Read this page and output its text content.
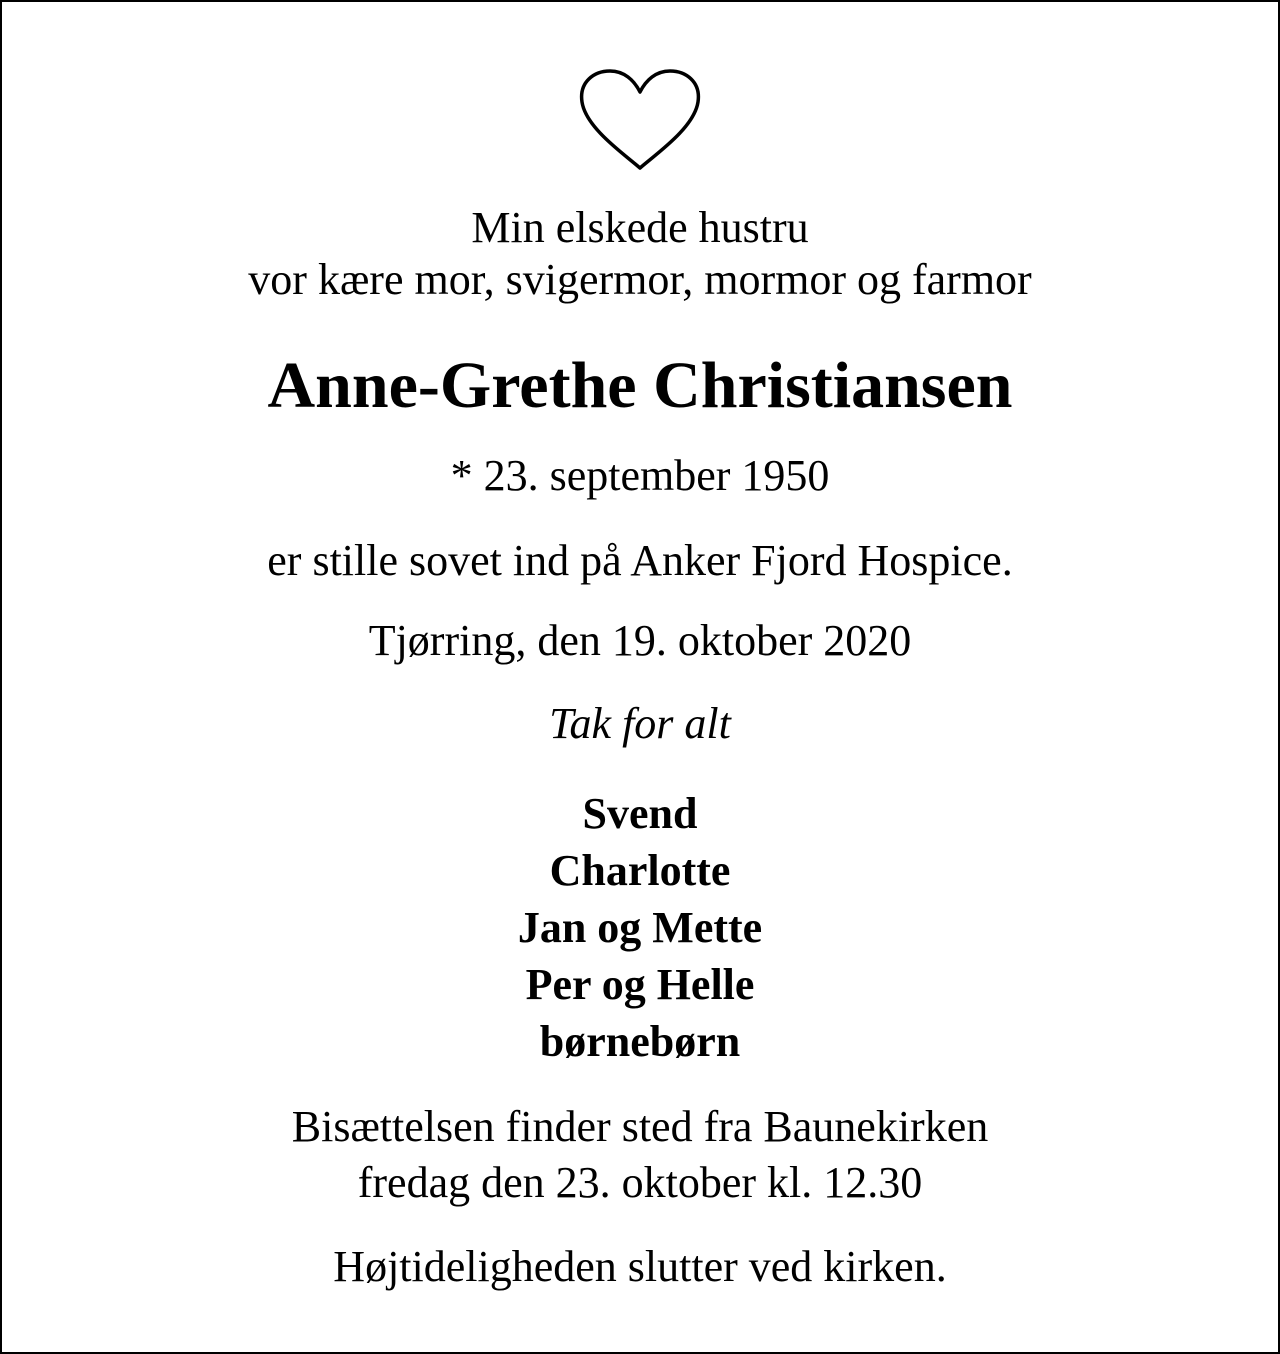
Min elskede hustru
vor kære mor, svigermor, mormor og farmor
Anne-Grethe Christiansen
* 23. september 1950
er stille sovet ind på Anker Fjord Hospice.
Tjørring, den 19. oktober 2020
Tak for alt
Svend
Charlotte
Jan og Mette
Per og Helle
børnebørn
Bisættelsen finder sted fra Baunekirken
fredag den 23. oktober kl. 12.30
Højtideligheden slutter ved kirken.
